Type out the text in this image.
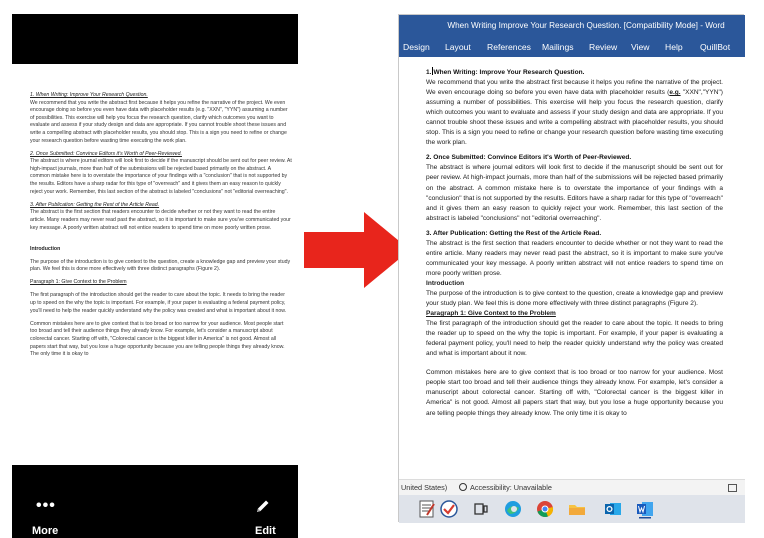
1. When Writing: Improve Your Research Question.
We recommend that you write the abstract first because it helps you refine the narrative of the project. We even encourage doing so before you even have data with placeholder results (e.g. "XXN", "YYN") assuming a number of possibilities. This exercise will help you focus the research question, clarify which outcomes you want to evaluate and assess if your study design and data are appropriate. If you cannot trouble shoot these issues and write a compelling abstract with placeholder results, you should stop. This is a sign you need to refine or change your research question before wasting time executing the work plan.

2. Once Submitted: Convince Editors it's Worth of Peer-Reviewed.
The abstract is where journal editors will look first to decide if the manuscript should be sent out for peer review. At high-impact journals, more than half of the submissions will be rejected based primarily on the abstract. A common mistake here is to overstate the importance of your findings with a "conclusion" that is not supported by the results. Editors have a sharp radar for this type of "overreach" and it gives them an easy reason to quickly reject your work. Remember, this last section of the abstract is labeled "conclusions" not "editorial overreaching".

3. After Publication: Getting the Rest of the Article Read.
The abstract is the first section that readers encounter to decide whether or not they want to read the entire article. Many readers may never read past the abstract, so it is important to make sure you've communicated your key message. A poorly written abstract will not entice readers to spend time on more poorly written prose.

Introduction

The purpose of the introduction is to give context to the question, create a knowledge gap and preview your study plan. We feel this is done more effectively with three distinct paragraphs (Figure 2).

Paragraph 1: Give Context to the Problem

The first paragraph of the introduction should get the reader to care about the topic. It needs to bring the reader up to speed on the why the topic is important. For example, if your paper is evaluating a federal payment policy, you'll need to help the reader quickly understand why the policy was created and what is important about it now.

Common mistakes here are to give context that is too broad or too narrow for your audience. Most people start too broad and tell their audience things they already know. For example, let's consider a manuscript about colorectal cancer. Starting off with, "Colorectal cancer is the biggest killer in America" is not good. Almost all papers start that way, but you lose a huge opportunity because you are telling people things they already know. The only time it is okay to

•••
More	Edit
When Writing Improve Your Research Question. [Compatibility Mode] - Word
Design Layout References Mailings Review View Help QuillBot

1. When Writing: Improve Your Research Question.
We recommend that you write the abstract first because it helps you refine the narrative of the project. We even encourage doing so before you even have data with placeholder results (e.g. "XXN","YYN") assuming a number of possibilities. This exercise will help you focus the research question, clarify which outcomes you want to evaluate and assess if your study design and data are appropriate. If you cannot trouble shoot these issues and write a compelling abstract with placeholder results, you should stop. This is a sign you need to refine or change your research question before wasting time executing the work plan.

2. Once Submitted: Convince Editors it's Worth of Peer-Reviewed.
The abstract is where journal editors will look first to decide if the manuscript should be sent out for peer review. At high-impact journals, more than half of the submissions will be rejected based primarily on the abstract. A common mistake here is to overstate the importance of your findings with a "conclusion" that is not supported by the results. Editors have a sharp radar for this type of "overreach" and it gives them an easy reason to quickly reject your work. Remember, this last section of the abstract is labeled "conclusions" not "editorial overreaching".

3. After Publication: Getting the Rest of the Article Read.
The abstract is the first section that readers encounter to decide whether or not they want to read the entire article. Many readers may never read past the abstract, so it is important to make sure you've communicated your key message. A poorly written abstract will not entice readers to spend time on more poorly written prose.
Introduction
The purpose of the introduction is to give context to the question, create a knowledge gap and preview your study plan. We feel this is done more effectively with three distinct paragraphs (Figure 2).
Paragraph 1: Give Context to the Problem
The first paragraph of the introduction should get the reader to care about the topic. It needs to bring the reader up to speed on the why the topic is important. For example, if your paper is evaluating a federal payment policy, you'll need to help the reader quickly understand why the policy was created and what is important about it now.

Common mistakes here are to give context that is too broad or too narrow for your audience. Most people start too broad and tell their audience things they already know. For example, let's consider a manuscript about colorectal cancer. Starting off with, "Colorectal cancer is the biggest killer in America" is not good. Almost all papers start that way, but you lose a huge opportunity because you are telling people things they already know. The only time it is okay to

United States)	Accessibility: Unavailable
